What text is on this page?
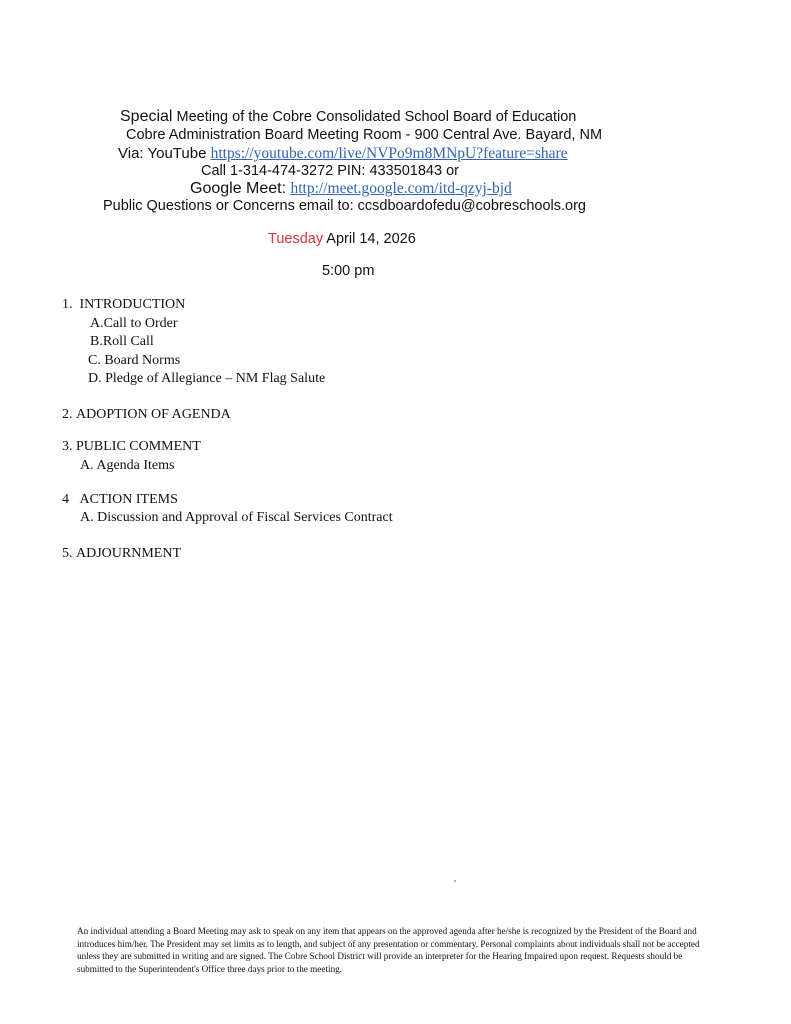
Special Meeting of the Cobre Consolidated School Board of Education
Cobre Administration Board Meeting Room - 900 Central Ave. Bayard, NM
Via: YouTube https://youtube.com/live/NVPo9m8MNpU?feature=share
Call 1-314-474-3272 PIN: 433501843 or
Google Meet: http://meet.google.com/itd-qzyj-bjd
Public Questions or Concerns email to: ccsdboardofedu@cobreschools.org
Tuesday April 14, 2026
5:00 pm
1. INTRODUCTION
A.Call to Order
B.Roll Call
C. Board Norms
D. Pledge of Allegiance – NM Flag Salute
2. ADOPTION OF AGENDA
3. PUBLIC COMMENT
A. Agenda Items
4 ACTION ITEMS
A. Discussion and Approval of Fiscal Services Contract
5. ADJOURNMENT
An individual attending a Board Meeting may ask to speak on any item that appears on the approved agenda after he/she is recognized by the President of the Board and introduces him/her. The President may set limits as to length, and subject of any presentation or commentary. Personal complaints about individuals shall not be accepted unless they are submitted in writing and are signed. The Cobre School District will provide an interpreter for the Hearing Impaired upon request. Requests should be submitted to the Superintendent's Office three days prior to the meeting.
